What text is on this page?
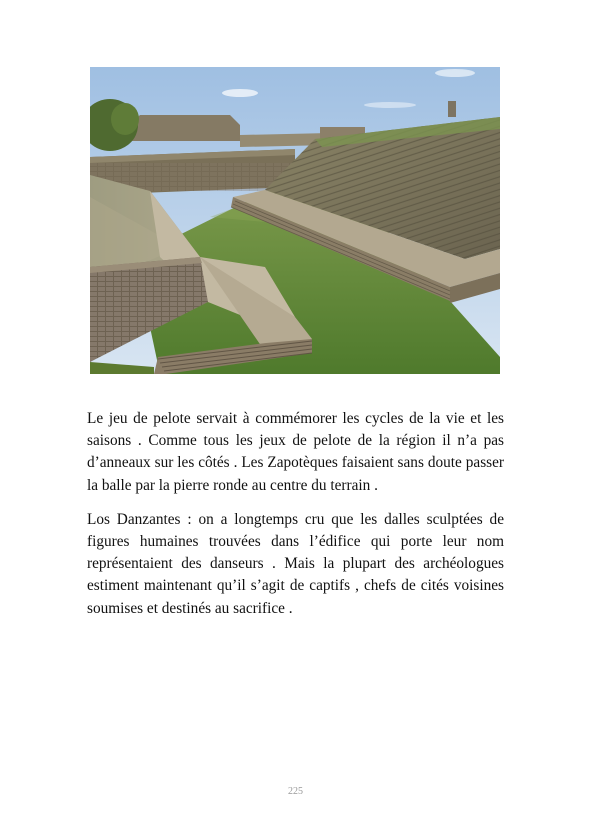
Le jeu de pelote servait à commémorer les cycles de la vie et les saisons . Comme tous les jeux de pelote de la région il n’a pas d’anneaux sur les côtés . Les Zapotèques faisaient sans doute passer la balle par la pierre ronde au centre du terrain .

Los Danzantes : on a longtemps cru que les dalles sculptées de figures humaines trouvées dans l’édifice qui porte leur nom représentaient des danseurs . Mais la plupart des archéologues estiment maintenant qu’il s’agit de captifs , chefs de cités voisines soumises et destinés au sacrifice .

225
